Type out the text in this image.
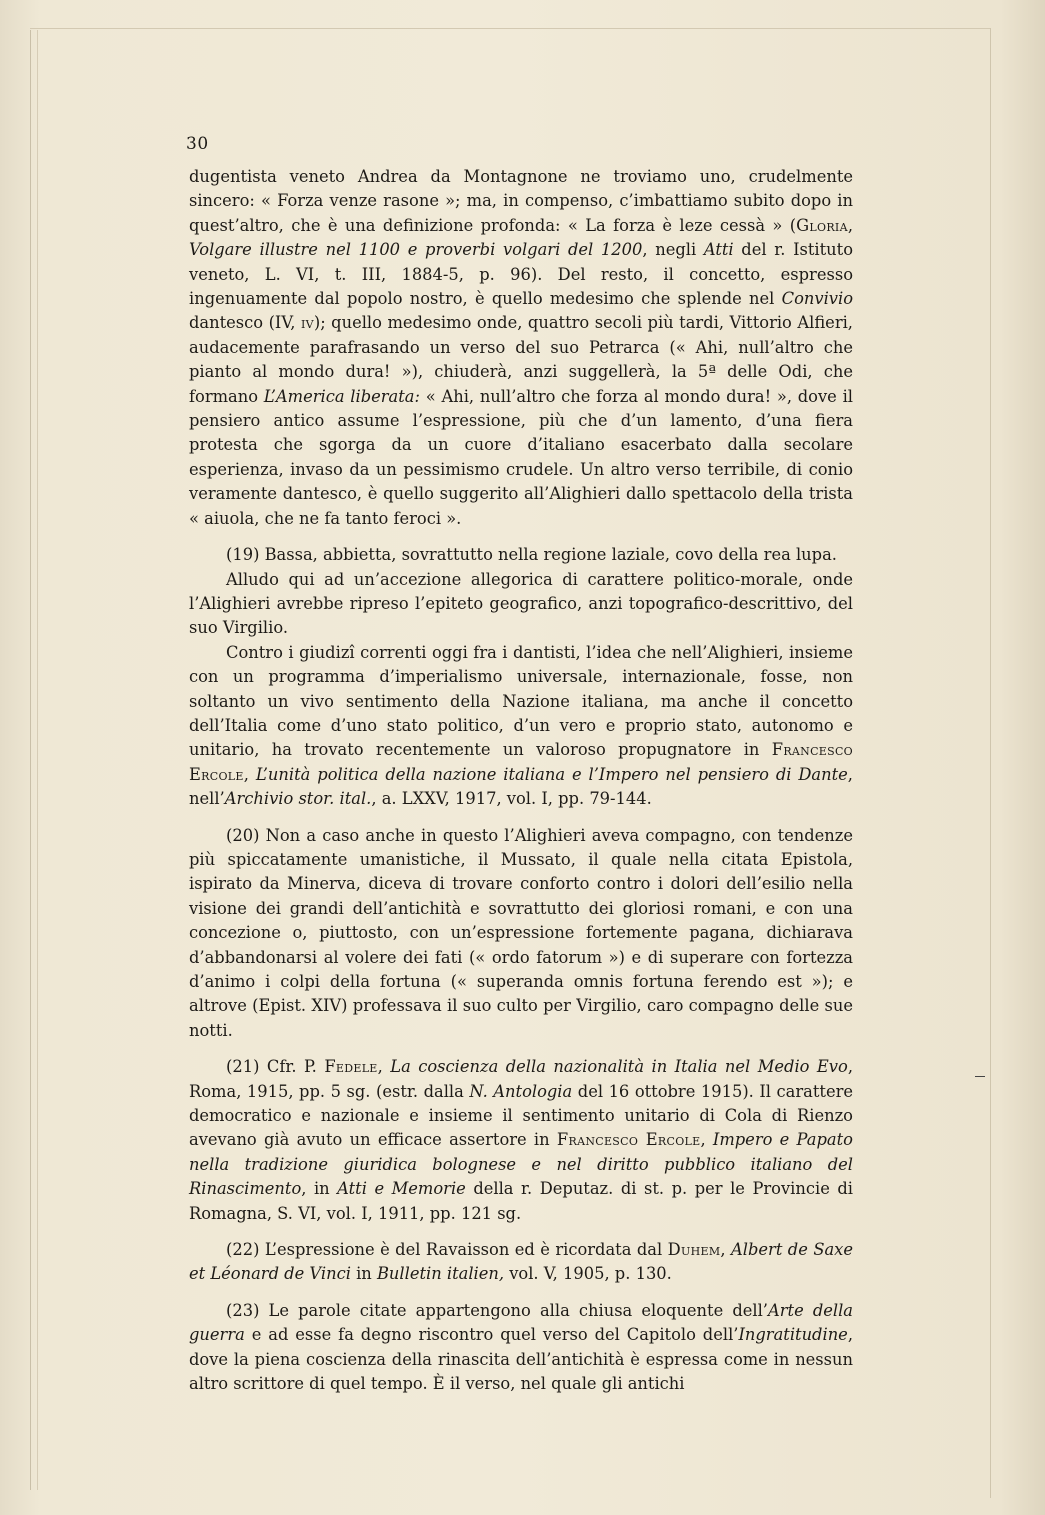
30

dugentista veneto Andrea da Montagnone ne troviamo uno, crudelmente sincero: « Forza venze rasone »; ma, in compenso, c’imbattiamo subito dopo in quest’altro, che è una definizione profonda: « La forza è leze cessà » (Gloria, Volgare illustre nel 1100 e proverbi volgari del 1200, negli Atti del r. Istituto veneto, L. VI, t. III, 1884-5, p. 96). Del resto, il concetto, espresso ingenuamente dal popolo nostro, è quello medesimo che splende nel Convivio dantesco (IV, iv); quello medesimo onde, quattro secoli più tardi, Vittorio Alfieri, audacemente parafrasando un verso del suo Petrarca (« Ahi, null’altro che pianto al mondo dura! »), chiuderà, anzi suggellerà, la 5ª delle Odi, che formano L’America liberata: « Ahi, null’altro che forza al mondo dura! », dove il pensiero antico assume l’espressione, più che d’un lamento, d’una fiera protesta che sgorga da un cuore d’italiano esacerbato dalla secolare esperienza, invaso da un pessimismo crudele. Un altro verso terribile, di conio veramente dantesco, è quello suggerito all’Alighieri dallo spettacolo della trista « aiuola, che ne fa tanto feroci ».

(19) Bassa, abbietta, sovrattutto nella regione laziale, covo della rea lupa.

Alludo qui ad un’accezione allegorica di carattere politico-morale, onde l’Alighieri avrebbe ripreso l’epiteto geografico, anzi topografico-descrittivo, del suo Virgilio.

Contro i giudizî correnti oggi fra i dantisti, l’idea che nell’Alighieri, insieme con un programma d’imperialismo universale, internazionale, fosse, non soltanto un vivo sentimento della Nazione italiana, ma anche il concetto dell’Italia come d’uno stato politico, d’un vero e proprio stato, autonomo e unitario, ha trovato recentemente un valoroso propugnatore in Francesco Ercole, L’unità politica della nazione italiana e l’Impero nel pensiero di Dante, nell’Archivio stor. ital., a. LXXV, 1917, vol. I, pp. 79-144.

(20) Non a caso anche in questo l’Alighieri aveva compagno, con tendenze più spiccatamente umanistiche, il Mussato, il quale nella citata Epistola, ispirato da Minerva, diceva di trovare conforto contro i dolori dell’esilio nella visione dei grandi dell’antichità e sovrattutto dei gloriosi romani, e con una concezione o, piuttosto, con un’espressione fortemente pagana, dichiarava d’abbandonarsi al volere dei fati (« ordo fatorum ») e di superare con fortezza d’animo i colpi della fortuna (« superanda omnis fortuna ferendo est »); e altrove (Epist. XIV) professava il suo culto per Virgilio, caro compagno delle sue notti.

(21) Cfr. P. Fedele, La coscienza della nazionalità in Italia nel Medio Evo, Roma, 1915, pp. 5 sg. (estr. dalla N. Antologia del 16 ottobre 1915). Il carattere democratico e nazionale e insieme il sentimento unitario di Cola di Rienzo avevano già avuto un efficace assertore in Francesco Ercole, Impero e Papato nella tradizione giuridica bolognese e nel diritto pubblico italiano del Rinascimento, in Atti e Memorie della r. Deputaz. di st. p. per le Provincie di Romagna, S. VI, vol. I, 1911, pp. 121 sg.

(22) L’espressione è del Ravaisson ed è ricordata dal Duhem, Albert de Saxe et Léonard de Vinci in Bulletin italien, vol. V, 1905, p. 130.

(23) Le parole citate appartengono alla chiusa eloquente dell’Arte della guerra e ad esse fa degno riscontro quel verso del Capitolo dell’Ingratitudine, dove la piena coscienza della rinascita dell’antichità è espressa come in nessun altro scrittore di quel tempo. È il verso, nel quale gli antichi
